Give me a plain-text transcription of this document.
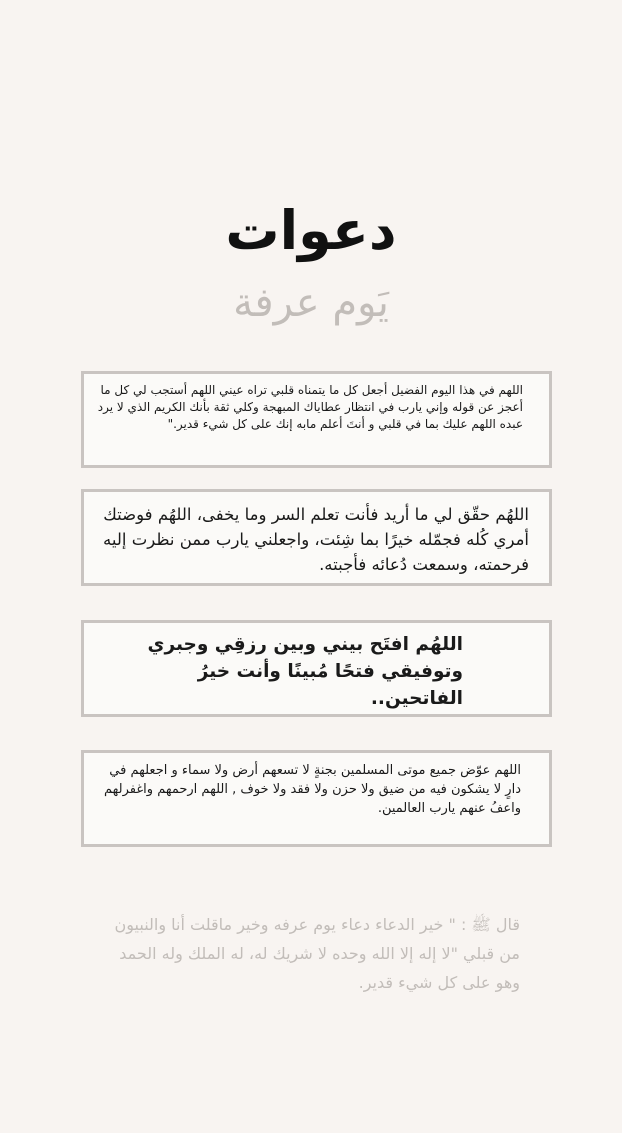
دعوات
يَوم عرفة
اللهم في هذا اليوم الفضيل أجعل كل ما يتمناه قلبي تراه عيني اللهم أستجب لي كل ما أعجز عن قوله وإني يارب في انتظار عطاياك المبهجة وكلي ثقة بأنك الكريم الذي لا يرد عبده اللهم عليك بما في قلبي و أنتَ أعلم مابه إنك على كل شيء قدير."
اللهُم حقّق لي ما أريد فأنت تعلم السر وما يخفى، اللهُم فوضتك أمري كُله فجمّله خيرًا بما شِئت، واجعلني يارب ممن نظرت إليه فرحمته، وسمعت دُعائه فأجبته.
اللهُم افتَح بيني وبين رزقِي وجبري وتوفيقي فتحًا مُبينًا وأنت خيرُ الفاتحين..
اللهم عوّض جميع موتى المسلمين بجنةٍ لا تسعهم أرض ولا سماء و اجعلهم في دارٍ لا يشكون فيه من ضيق ولا حزن ولا فقد ولا خوف , اللهم ارحمهم واغفرلهم واعفُ عنهم يارب العالمين.
قال ﷺ : " خير الدعاء دعاء يوم عرفه وخير ماقلت أنا والنبيون من قبلي "لا إله إلا الله وحده لا شريك له، له الملك وله الحمد وهو على كل شيء قدير.
